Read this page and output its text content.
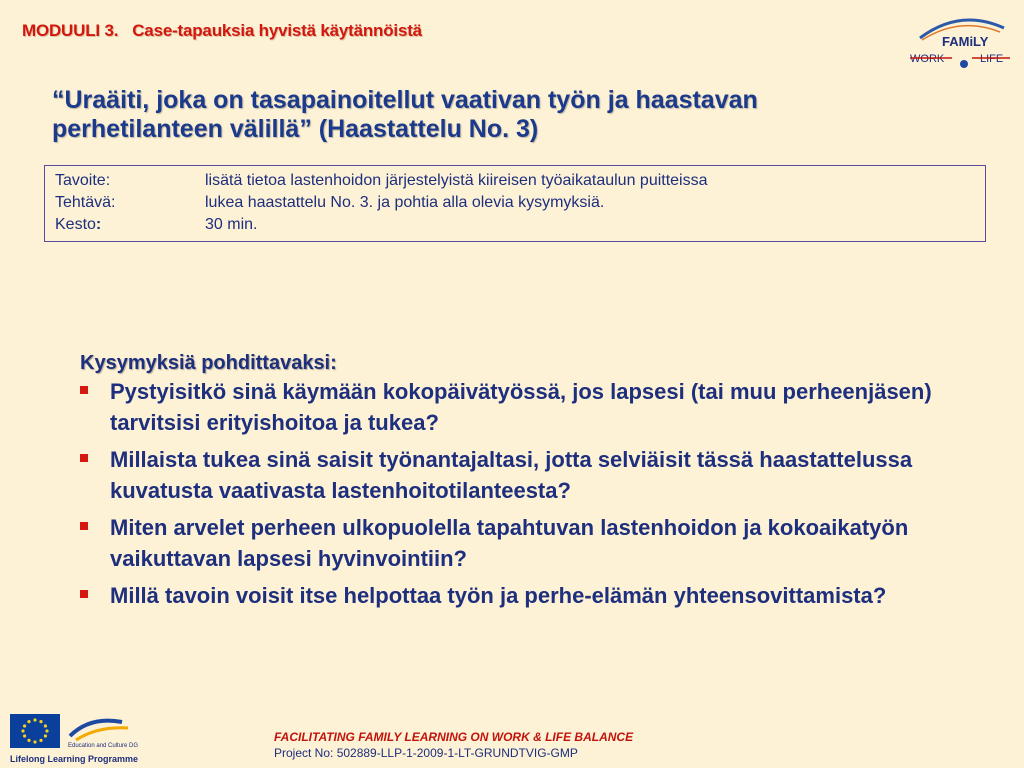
MODUULI 3. Case-tapauksia hyvistä käytännöistä
FAMiLY
WORK	LIFE
“Uraäiti, joka on tasapainoitellut vaativan työn ja haastavan
perhetilanteen välillä” (Haastattelu No. 3)
Tavoite:	lisätä tietoa lastenhoidon järjestelyistä kiireisen työaikataulun puitteissa
Tehtävä:	lukea haastattelu No. 3. ja pohtia alla olevia kysymyksiä.
Kesto:	30 min.
Kysymyksiä pohdittavaksi:
Pystyisitkö sinä käymään kokopäivätyössä, jos lapsesi (tai muu perheenjäsen) tarvitsisi erityishoitoa ja tukea?
Millaista tukea sinä saisit työnantajaltasi, jotta selviäisit tässä haastattelussa kuvatusta vaativasta lastenhoitotilanteesta?
Miten arvelet perheen ulkopuolella tapahtuvan lastenhoidon ja kokoaikatyön vaikuttavan lapsesi hyvinvointiin?
Millä tavoin voisit itse helpottaa työn ja perhe-elämän yhteensovittamista?
Education and Culture DG
Lifelong Learning Programme
FACILITATING FAMILY LEARNING ON WORK & LIFE BALANCE
Project No: 502889-LLP-1-2009-1-LT-GRUNDTVIG-GMP
